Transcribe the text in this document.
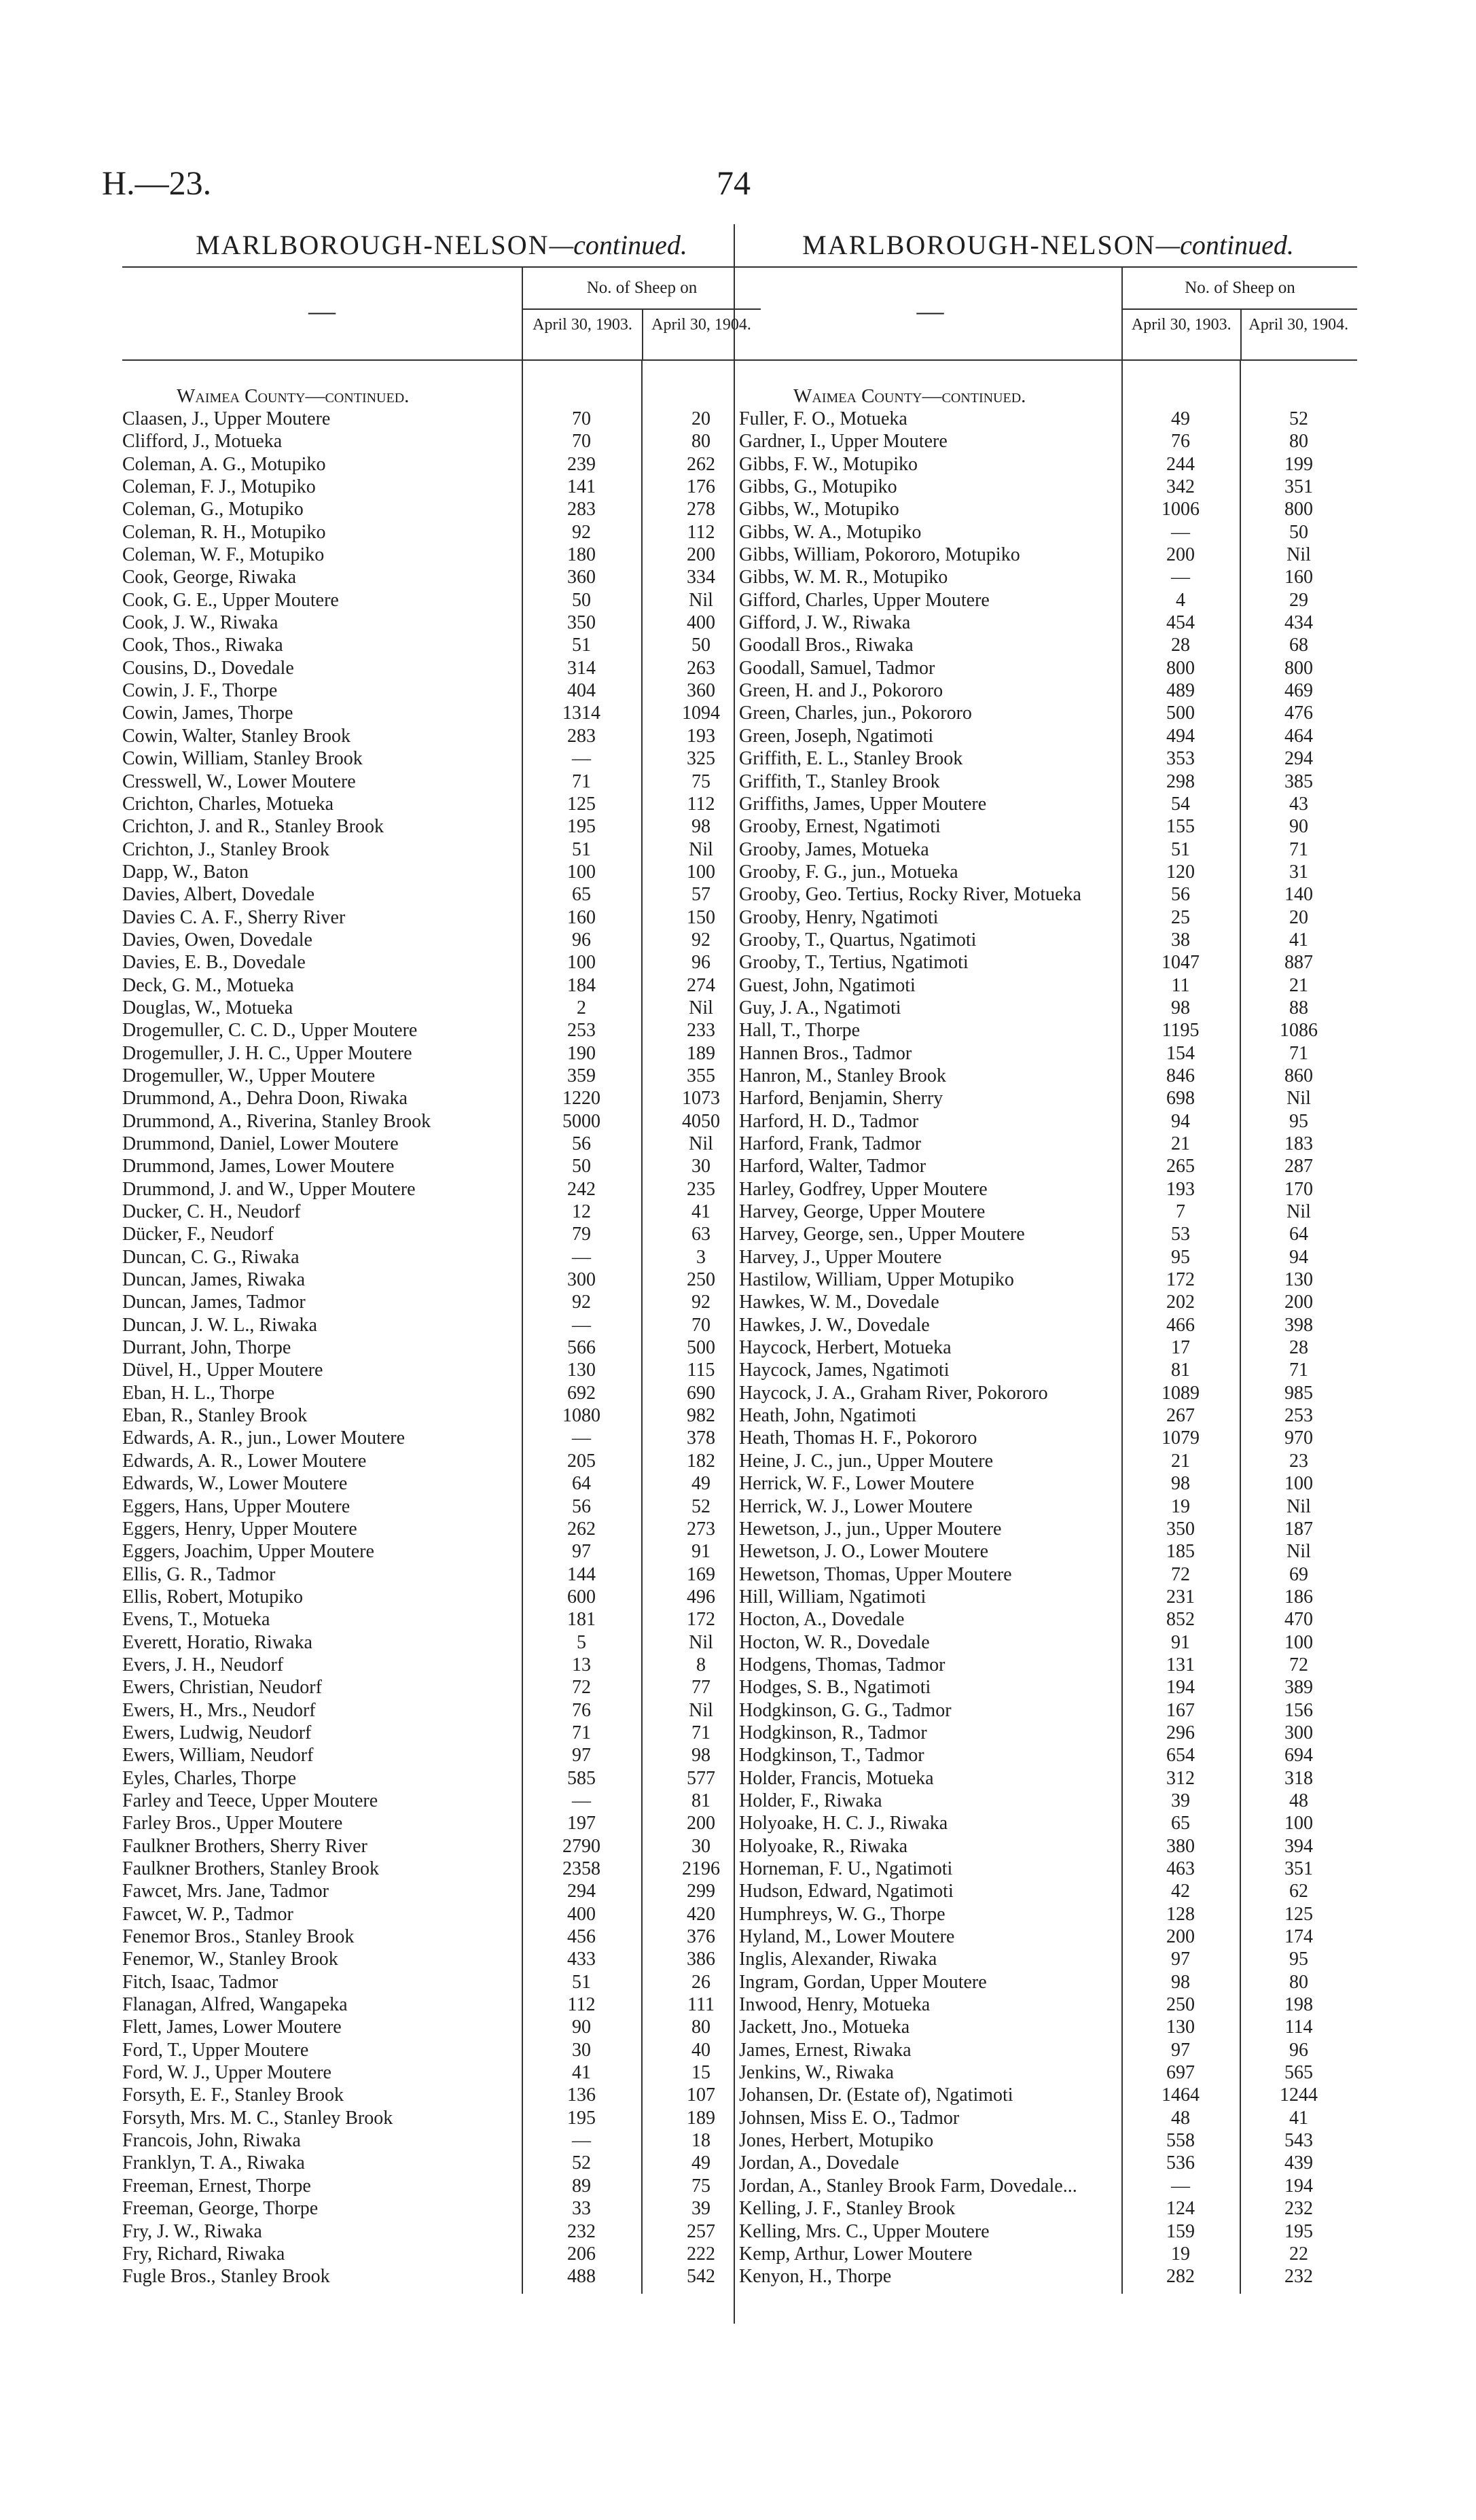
H.—23.	74
MARLBOROUGH-NELSON—continued.
—
No. of Sheep on
April 30, 1903.	April 30, 1904.
Waimea County—continued.
Claasen, J., Upper Moutere	70	20
Clifford, J., Motueka	70	80
Coleman, A. G., Motupiko	239	262
Coleman, F. J., Motupiko	141	176
Coleman, G., Motupiko	283	278
Coleman, R. H., Motupiko	92	112
Coleman, W. F., Motupiko	180	200
Cook, George, Riwaka	360	334
Cook, G. E., Upper Moutere	50	Nil
Cook, J. W., Riwaka	350	400
Cook, Thos., Riwaka	51	50
Cousins, D., Dovedale	314	263
Cowin, J. F., Thorpe	404	360
Cowin, James, Thorpe	1314	1094
Cowin, Walter, Stanley Brook	283	193
Cowin, William, Stanley Brook	—	325
Cresswell, W., Lower Moutere	71	75
Crichton, Charles, Motueka	125	112
Crichton, J. and R., Stanley Brook	195	98
Crichton, J., Stanley Brook	51	Nil
Dapp, W., Baton	100	100
Davies, Albert, Dovedale	65	57
Davies C. A. F., Sherry River	160	150
Davies, Owen, Dovedale	96	92
Davies, E. B., Dovedale	100	96
Deck, G. M., Motueka	184	274
Douglas, W., Motueka	2	Nil
Drogemuller, C. C. D., Upper Moutere	253	233
Drogemuller, J. H. C., Upper Moutere	190	189
Drogemuller, W., Upper Moutere	359	355
Drummond, A., Dehra Doon, Riwaka	1220	1073
Drummond, A., Riverina, Stanley Brook	5000	4050
Drummond, Daniel, Lower Moutere	56	Nil
Drummond, James, Lower Moutere	50	30
Drummond, J. and W., Upper Moutere	242	235
Ducker, C. H., Neudorf	12	41
Dücker, F., Neudorf	79	63
Duncan, C. G., Riwaka	—	3
Duncan, James, Riwaka	300	250
Duncan, James, Tadmor	92	92
Duncan, J. W. L., Riwaka	—	70
Durrant, John, Thorpe	566	500
Düvel, H., Upper Moutere	130	115
Eban, H. L., Thorpe	692	690
Eban, R., Stanley Brook	1080	982
Edwards, A. R., jun., Lower Moutere	—	378
Edwards, A. R., Lower Moutere	205	182
Edwards, W., Lower Moutere	64	49
Eggers, Hans, Upper Moutere	56	52
Eggers, Henry, Upper Moutere	262	273
Eggers, Joachim, Upper Moutere	97	91
Ellis, G. R., Tadmor	144	169
Ellis, Robert, Motupiko	600	496
Evens, T., Motueka	181	172
Everett, Horatio, Riwaka	5	Nil
Evers, J. H., Neudorf	13	8
Ewers, Christian, Neudorf	72	77
Ewers, H., Mrs., Neudorf	76	Nil
Ewers, Ludwig, Neudorf	71	71
Ewers, William, Neudorf	97	98
Eyles, Charles, Thorpe	585	577
Farley and Teece, Upper Moutere	—	81
Farley Bros., Upper Moutere	197	200
Faulkner Brothers, Sherry River	2790	30
Faulkner Brothers, Stanley Brook	2358	2196
Fawcet, Mrs. Jane, Tadmor	294	299
Fawcet, W. P., Tadmor	400	420
Fenemor Bros., Stanley Brook	456	376
Fenemor, W., Stanley Brook	433	386
Fitch, Isaac, Tadmor	51	26
Flanagan, Alfred, Wangapeka	112	111
Flett, James, Lower Moutere	90	80
Ford, T., Upper Moutere	30	40
Ford, W. J., Upper Moutere	41	15
Forsyth, E. F., Stanley Brook	136	107
Forsyth, Mrs. M. C., Stanley Brook	195	189
Francois, John, Riwaka	—	18
Franklyn, T. A., Riwaka	52	49
Freeman, Ernest, Thorpe	89	75
Freeman, George, Thorpe	33	39
Fry, J. W., Riwaka	232	257
Fry, Richard, Riwaka	206	222
Fugle Bros., Stanley Brook	488	542
MARLBOROUGH-NELSON—continued.
—
No. of Sheep on
April 30, 1903.	April 30, 1904.
Waimea County—continued.
Fuller, F. O., Motueka	49	52
Gardner, I., Upper Moutere	76	80
Gibbs, F. W., Motupiko	244	199
Gibbs, G., Motupiko	342	351
Gibbs, W., Motupiko	1006	800
Gibbs, W. A., Motupiko	—	50
Gibbs, William, Pokororo, Motupiko	200	Nil
Gibbs, W. M. R., Motupiko	—	160
Gifford, Charles, Upper Moutere	4	29
Gifford, J. W., Riwaka	454	434
Goodall Bros., Riwaka	28	68
Goodall, Samuel, Tadmor	800	800
Green, H. and J., Pokororo	489	469
Green, Charles, jun., Pokororo	500	476
Green, Joseph, Ngatimoti	494	464
Griffith, E. L., Stanley Brook	353	294
Griffith, T., Stanley Brook	298	385
Griffiths, James, Upper Moutere	54	43
Grooby, Ernest, Ngatimoti	155	90
Grooby, James, Motueka	51	71
Grooby, F. G., jun., Motueka	120	31
Grooby, Geo. Tertius, Rocky River, Motueka	56	140
Grooby, Henry, Ngatimoti	25	20
Grooby, T., Quartus, Ngatimoti	38	41
Grooby, T., Tertius, Ngatimoti	1047	887
Guest, John, Ngatimoti	11	21
Guy, J. A., Ngatimoti	98	88
Hall, T., Thorpe	1195	1086
Hannen Bros., Tadmor	154	71
Hanron, M., Stanley Brook	846	860
Harford, Benjamin, Sherry	698	Nil
Harford, H. D., Tadmor	94	95
Harford, Frank, Tadmor	21	183
Harford, Walter, Tadmor	265	287
Harley, Godfrey, Upper Moutere	193	170
Harvey, George, Upper Moutere	7	Nil
Harvey, George, sen., Upper Moutere	53	64
Harvey, J., Upper Moutere	95	94
Hastilow, William, Upper Motupiko	172	130
Hawkes, W. M., Dovedale	202	200
Hawkes, J. W., Dovedale	466	398
Haycock, Herbert, Motueka	17	28
Haycock, James, Ngatimoti	81	71
Haycock, J. A., Graham River, Pokororo	1089	985
Heath, John, Ngatimoti	267	253
Heath, Thomas H. F., Pokororo	1079	970
Heine, J. C., jun., Upper Moutere	21	23
Herrick, W. F., Lower Moutere	98	100
Herrick, W. J., Lower Moutere	19	Nil
Hewetson, J., jun., Upper Moutere	350	187
Hewetson, J. O., Lower Moutere	185	Nil
Hewetson, Thomas, Upper Moutere	72	69
Hill, William, Ngatimoti	231	186
Hocton, A., Dovedale	852	470
Hocton, W. R., Dovedale	91	100
Hodgens, Thomas, Tadmor	131	72
Hodges, S. B., Ngatimoti	194	389
Hodgkinson, G. G., Tadmor	167	156
Hodgkinson, R., Tadmor	296	300
Hodgkinson, T., Tadmor	654	694
Holder, Francis, Motueka	312	318
Holder, F., Riwaka	39	48
Holyoake, H. C. J., Riwaka	65	100
Holyoake, R., Riwaka	380	394
Horneman, F. U., Ngatimoti	463	351
Hudson, Edward, Ngatimoti	42	62
Humphreys, W. G., Thorpe	128	125
Hyland, M., Lower Moutere	200	174
Inglis, Alexander, Riwaka	97	95
Ingram, Gordan, Upper Moutere	98	80
Inwood, Henry, Motueka	250	198
Jackett, Jno., Motueka	130	114
James, Ernest, Riwaka	97	96
Jenkins, W., Riwaka	697	565
Johansen, Dr. (Estate of), Ngatimoti	1464	1244
Johnsen, Miss E. O., Tadmor	48	41
Jones, Herbert, Motupiko	558	543
Jordan, A., Dovedale	536	439
Jordan, A., Stanley Brook Farm, Dovedale...	—	194
Kelling, J. F., Stanley Brook	124	232
Kelling, Mrs. C., Upper Moutere	159	195
Kemp, Arthur, Lower Moutere	19	22
Kenyon, H., Thorpe	282	232
